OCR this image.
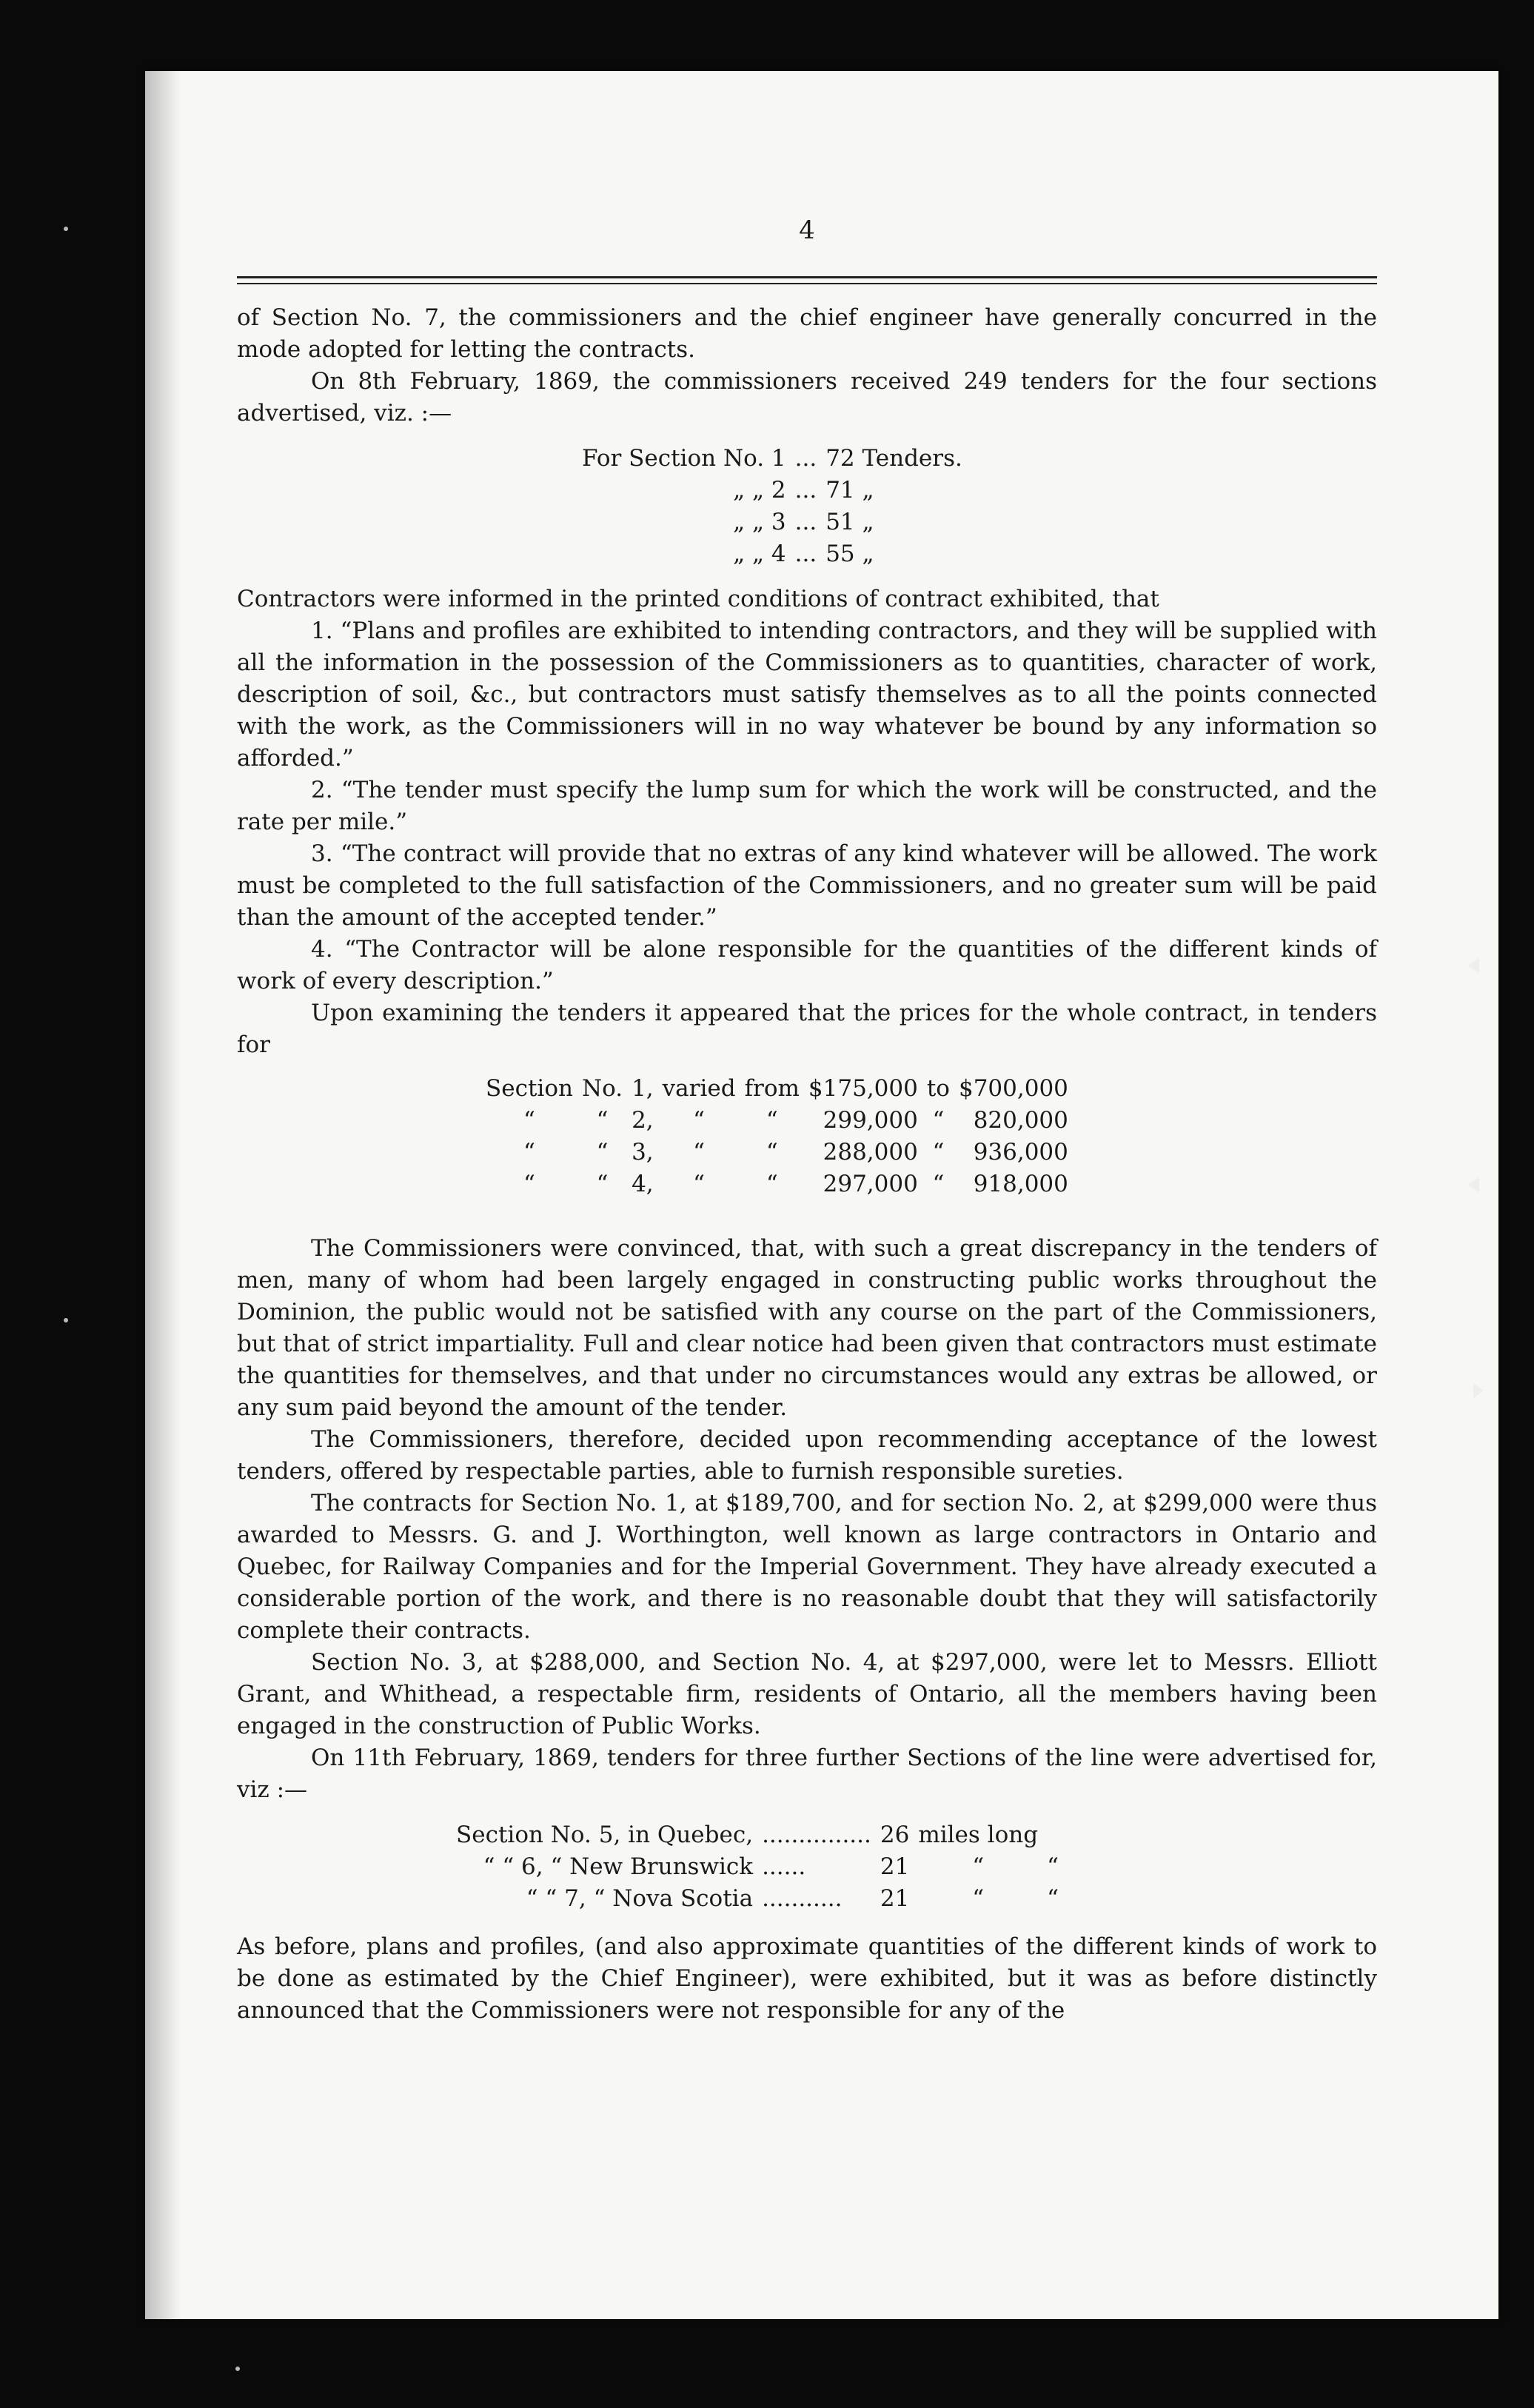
4

of Section No. 7, the commissioners and the chief engineer have generally concurred in the mode adopted for letting the contracts.

On 8th February, 1869, the commissioners received 249 tenders for the four sections advertised, viz. :—

For Section No. 1	...	72 Tenders.
„ „ 2	...	71 „
„ „ 3	...	51 „
„ „ 4	...	55 „

Contractors were informed in the printed conditions of contract exhibited, that

1. “Plans and profiles are exhibited to intending contractors, and they will be supplied with all the information in the possession of the Commissioners as to quantities, character of work, description of soil, &c., but contractors must satisfy themselves as to all the points connected with the work, as the Commissioners will in no way whatever be bound by any information so afforded.”

2. “The tender must specify the lump sum for which the work will be constructed, and the rate per mile.”

3. “The contract will provide that no extras of any kind whatever will be allowed. The work must be completed to the full satisfaction of the Commissioners, and no greater sum will be paid than the amount of the accepted tender.”

4. “The Contractor will be alone responsible for the quantities of the different kinds of work of every description.”

Upon examining the tenders it appeared that the prices for the whole contract, in tenders for

Section	No.	1,	varied	from	$175,000	to	$700,000
“	“	2,	“	“	299,000	“	820,000
“	“	3,	“	“	288,000	“	936,000
“	“	4,	“	“	297,000	“	918,000

The Commissioners were convinced, that, with such a great discrepancy in the tenders of men, many of whom had been largely engaged in constructing public works throughout the Dominion, the public would not be satisfied with any course on the part of the Commissioners, but that of strict impartiality. Full and clear notice had been given that contractors must estimate the quantities for themselves, and that under no circumstances would any extras be allowed, or any sum paid beyond the amount of the tender.

The Commissioners, therefore, decided upon recommending acceptance of the lowest tenders, offered by respectable parties, able to furnish responsible sureties.

The contracts for Section No. 1, at $189,700, and for section No. 2, at $299,000 were thus awarded to Messrs. G. and J. Worthington, well known as large contractors in Ontario and Quebec, for Railway Companies and for the Imperial Government. They have already executed a considerable portion of the work, and there is no reasonable doubt that they will satisfactorily complete their contracts.

Section No. 3, at $288,000, and Section No. 4, at $297,000, were let to Messrs. Elliott Grant, and Whithead, a respectable firm, residents of Ontario, all the members having been engaged in the construction of Public Works.

On 11th February, 1869, tenders for three further Sections of the line were advertised for, viz :—

Section No. 5, in Quebec,	...............	26	miles long	
“ “ 6, “ New Brunswick	......	21	“	“
“ “ 7, “ Nova Scotia	...........	21	“	“

As before, plans and profiles, (and also approximate quantities of the different kinds of work to be done as estimated by the Chief Engineer), were exhibited, but it was as before distinctly announced that the Commissioners were not responsible for any of the
